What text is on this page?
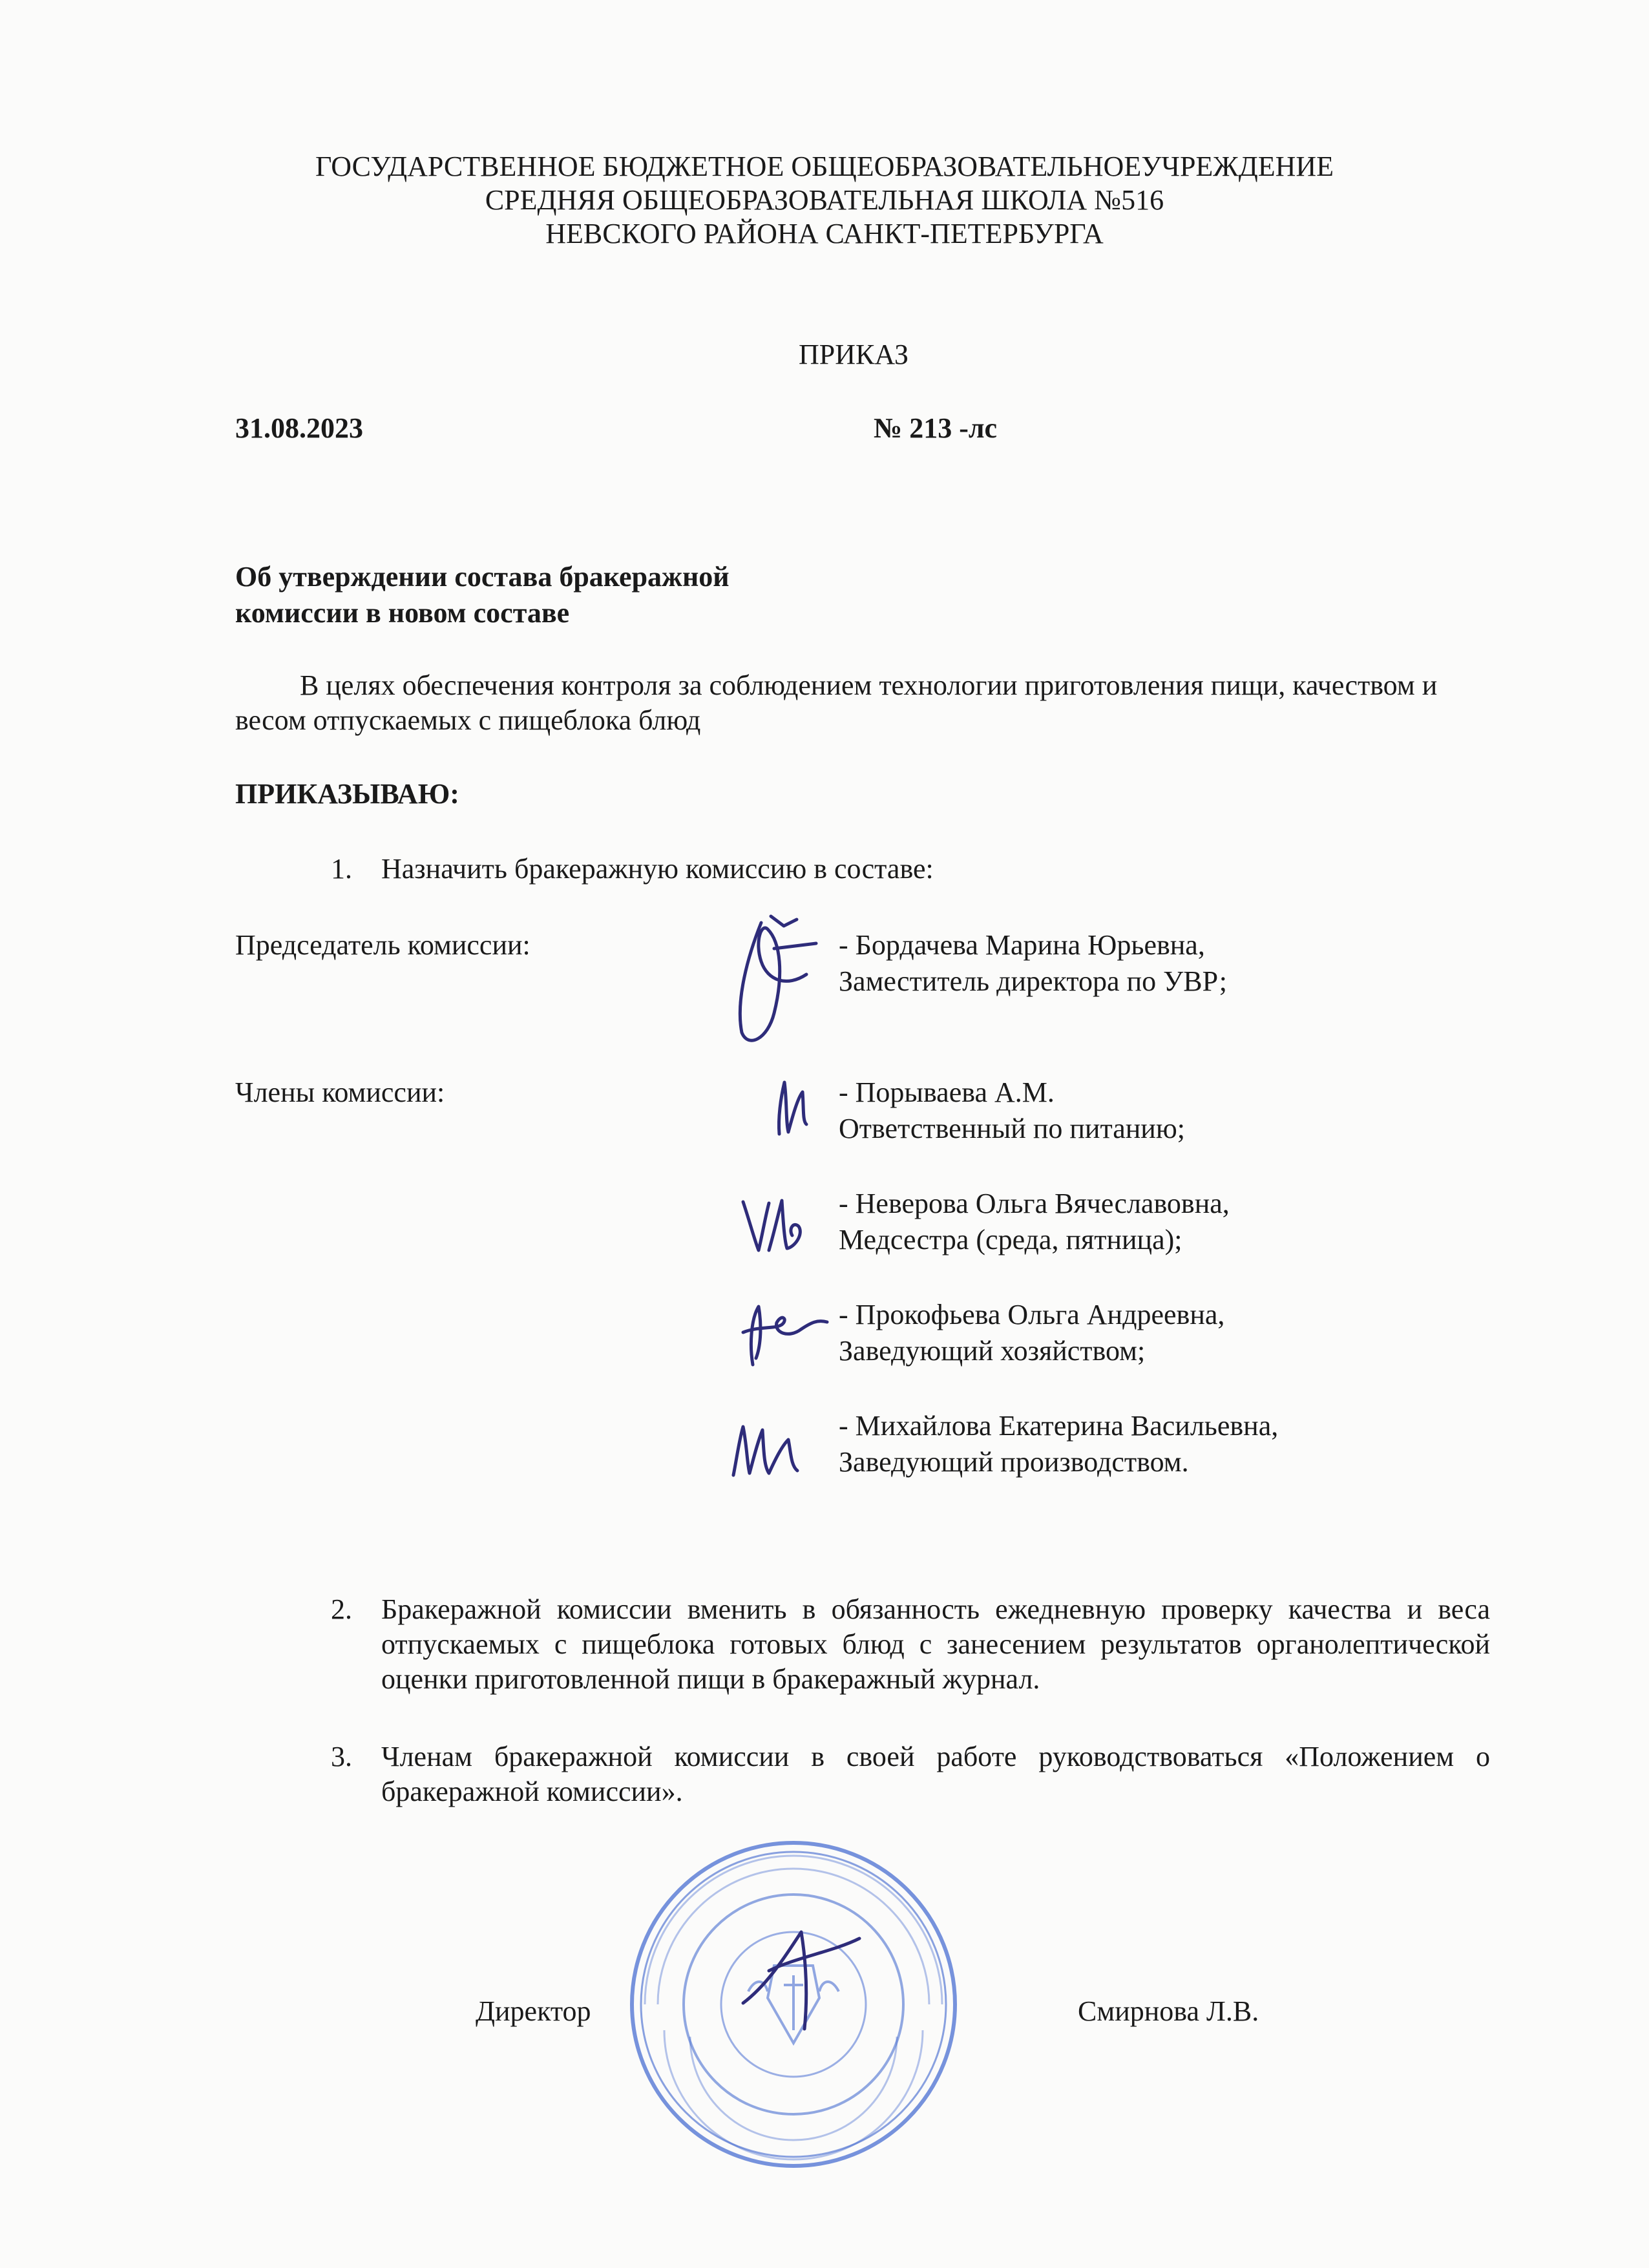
ГОСУДАРСТВЕННОЕ БЮДЖЕТНОЕ ОБЩЕОБРАЗОВАТЕЛЬНОЕУЧРЕЖДЕНИЕ
СРЕДНЯЯ ОБЩЕОБРАЗОВАТЕЛЬНАЯ ШКОЛА №516
НЕВСКОГО РАЙОНА САНКТ-ПЕТЕРБУРГА
ПРИКАЗ
31.08.2023	№ 213 -лс
Об утверждении состава бракеражной
комиссии в новом составе
В целях обеспечения контроля за соблюдением технологии приготовления пищи, качеством и весом отпускаемых с пищеблока блюд
ПРИКАЗЫВАЮ:
1. Назначить бракеражную комиссию в составе:
Председатель комиссии:	- Бордачева Марина Юрьевна,
Заместитель директора по УВР;
Члены комиссии:	- Порываева А.М.
Ответственный по питанию;
- Неверова Ольга Вячеславовна,
Медсестра (среда, пятница);
- Прокофьева Ольга Андреевна,
Заведующий хозяйством;
- Михайлова Екатерина Васильевна,
Заведующий производством.
2. Бракеражной комиссии вменить в обязанность ежедневную проверку качества и веса отпускаемых с пищеблока готовых блюд с занесением результатов органолептической оценки приготовленной пищи в бракеражный журнал.
3. Членам бракеражной комиссии в своей работе руководствоваться «Положением о бракеражной комиссии».
Директор	Смирнова Л.В.
